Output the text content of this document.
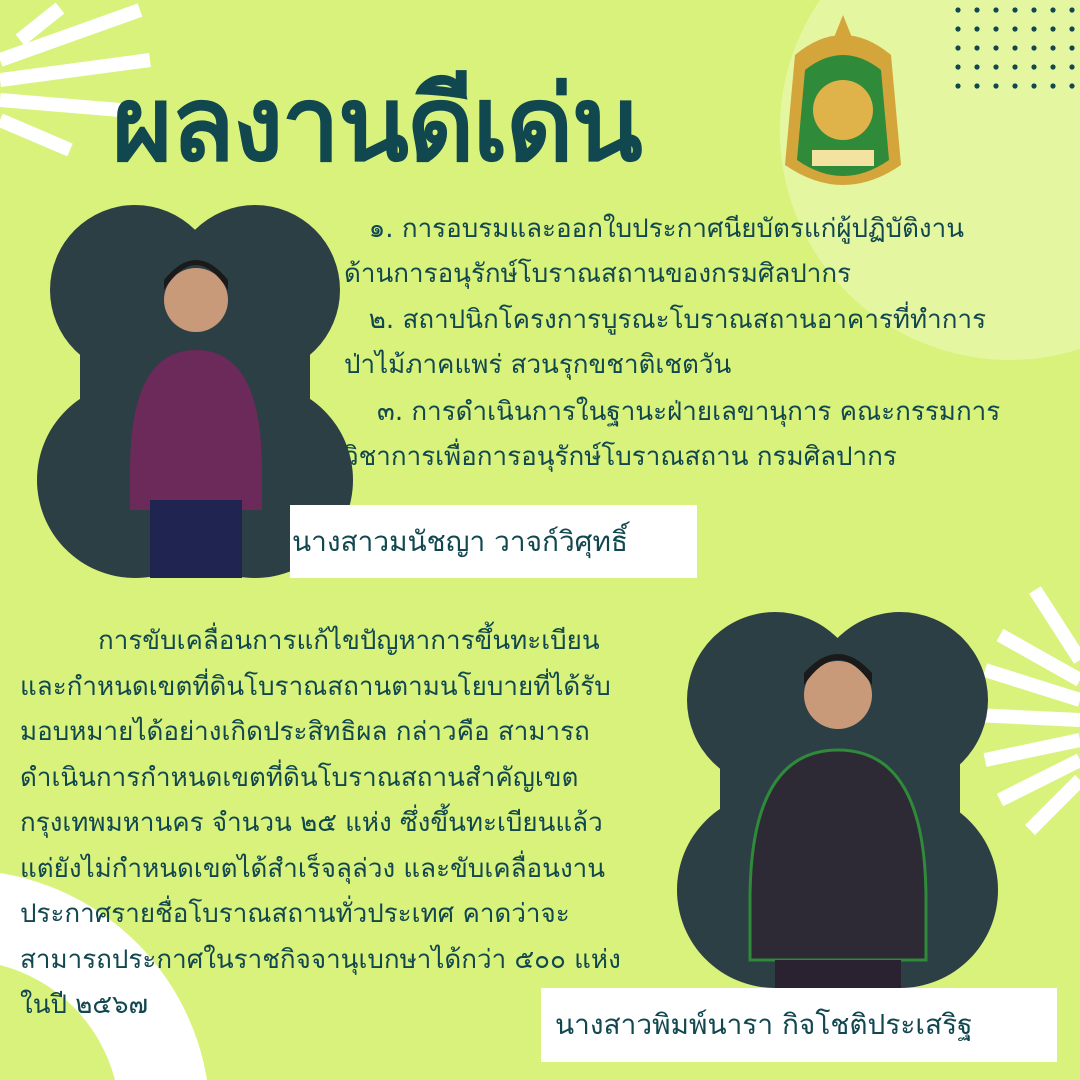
ผลงานดีเด่น
๑. การอบรมและออกใบประกาศนียบัตรแก่ผู้ปฏิบัติงาน
ด้านการอนุรักษ์โบราณสถานของกรมศิลปากร
๒. สถาปนิกโครงการบูรณะโบราณสถานอาคารที่ทำการ
ป่าไม้ภาคแพร่ สวนรุกขชาติเชตวัน
๓. การดำเนินการในฐานะฝ่ายเลขานุการ คณะกรรมการ
วิชาการเพื่อการอนุรักษ์โบราณสถาน กรมศิลปากร
นางสาวมนัชญา วาจก์วิศุทธิ์
การขับเคลื่อนการแก้ไขปัญหาการขึ้นทะเบียน
และกำหนดเขตที่ดินโบราณสถานตามนโยบายที่ได้รับ
มอบหมายได้อย่างเกิดประสิทธิผล กล่าวคือ สามารถ
ดำเนินการกำหนดเขตที่ดินโบราณสถานสำคัญเขต
กรุงเทพมหานคร จำนวน ๒๕ แห่ง ซึ่งขึ้นทะเบียนแล้ว
แต่ยังไม่กำหนดเขตได้สำเร็จลุล่วง และขับเคลื่อนงาน
ประกาศรายชื่อโบราณสถานทั่วประเทศ คาดว่าจะ
สามารถประกาศในราชกิจจานุเบกษาได้กว่า ๕๐๐ แห่ง
ในปี ๒๕๖๗
นางสาวพิมพ์นารา กิจโชติประเสริฐ
